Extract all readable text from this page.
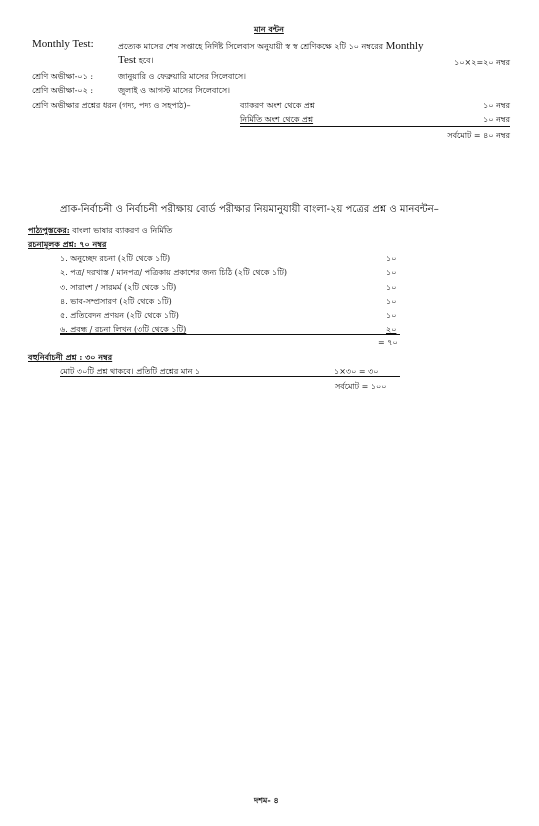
মান বন্টন
Monthly Test:	প্রত্যেক মাসের শেষ সপ্তাহে নির্দিষ্ট সিলেবাস অনুযায়ী স্ব স্ব শ্রেণিকক্ষে ২টি ১০ নম্বরের Monthly
Test হবে।	১০×২=২০ নম্বর
শ্রেণি অভীক্ষা-০১ :	জানুয়ারি ও ফেব্রুয়ারি মাসের সিলেবাসে।
শ্রেণি অভীক্ষা-০২ :	জুলাই ও আগস্ট মাসের সিলেবাসে।
শ্রেণি অভীক্ষার প্রশ্নের ধরন (গদ্য, পদ্য ও সহপাঠ)–	ব্যাকরণ অংশ থেকে প্রশ্ন	১০ নম্বর
নির্মিতি অংশ থেকে প্রশ্ন	১০ নম্বর
সর্বমোট = ৪০ নম্বর
প্রাক-নির্বাচনী ও নির্বাচনী পরীক্ষায় বোর্ড পরীক্ষার নিয়মানুযায়ী বাংলা-২য় পত্রের প্রশ্ন ও মানবন্টন–
পাঠ্যপুস্তকের: বাংলা ভাষার ব্যাকরণ ও নির্মিতি
রচনামূলক প্রশ্ন: ৭০ নম্বর
১. অনুচ্ছেদ রচনা (২টি থেকে ১টি)	১০
২. পত্র/ দরখাস্ত / মানপত্র/ পত্রিকায় প্রকাশের জন্য চিঠি (২টি থেকে ১টি)	১০
৩. সারাংশ / সারমর্ম (২টি থেকে ১টি)	১০
৪. ভাব-সম্প্রসারণ (২টি থেকে ১টি)	১০
৫. প্রতিবেদন প্রণয়ন (২টি থেকে ১টি)	১০
৬. প্রবন্ধ / রচনা লিখন (৩টি থেকে ১টি)	২০
= ৭০
বহুনির্বাচনী প্রশ্ন : ৩০ নম্বর
মোট ৩০টি প্রশ্ন থাকবে। প্রতিটি প্রশ্নের মান ১	১×৩০ = ৩০
সর্বমোট = ১০০
দশম- ৪
